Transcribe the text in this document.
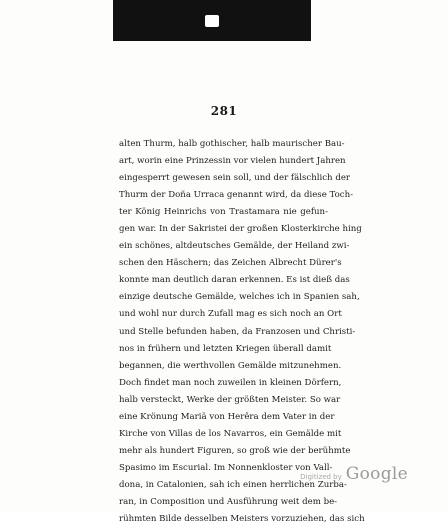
281
alten Thurm, halb gothischer, halb maurischer Bau-
art, worin eine Prinzessin vor vielen hundert Jahren
eingesperrt gewesen sein soll, und der fälschlich der
Thurm der Doña Urraca genannt wird, da diese Toch-
ter König Heinrichs von Trastamara nie gefun-
gen war. In der Sakristei der großen Klosterkirche hing
ein schönes, altdeutsches Gemälde, der Heiland zwi-
schen den Häschern; das Zeichen Albrecht Dürer's
konnte man deutlich daran erkennen. Es ist dieß das
einzige deutsche Gemälde, welches ich in Spanien sah,
und wohl nur durch Zufall mag es sich noch an Ort
und Stelle befunden haben, da Franzosen und Christi-
nos in frühern und letzten Kriegen überall damit
begannen, die werthvollen Gemälde mitzunehmen.
Doch findet man noch zuweilen in kleinen Dörfern,
halb versteckt, Werke der größten Meister. So war
eine Krönung Mariä von Herêra dem Vater in der
Kirche von Villas de los Navarros, ein Gemälde mit
mehr als hundert Figuren, so groß wie der berühmte
Spasimo im Escurial. Im Nonnenkloster von Vall-
dona, in Catalonien, sah ich einen herrlichen Zurba-
ran, in Composition und Ausführung weit dem be-
rühmten Bilde desselben Meisters vorzuziehen, das sich
Digitized by Google
